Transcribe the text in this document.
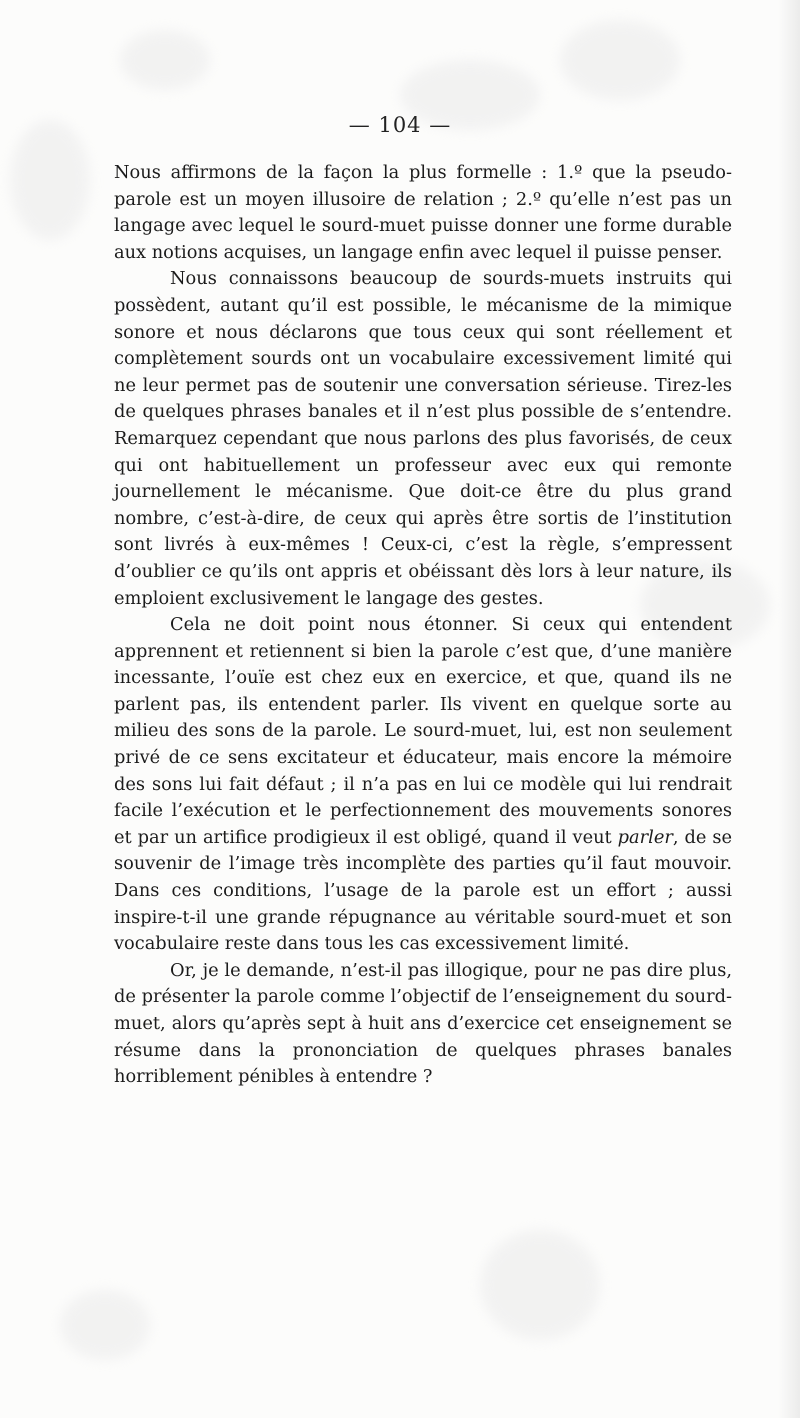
— 104 —

Nous affirmons de la façon la plus formelle : 1.º que la pseudo-parole est un moyen illusoire de relation ; 2.º qu’elle n’est pas un langage avec lequel le sourd-muet puisse donner une forme durable aux notions acquises, un langage enfin avec lequel il puisse penser.

Nous connaissons beaucoup de sourds-muets instruits qui possèdent, autant qu’il est possible, le mécanisme de la mimique sonore et nous déclarons que tous ceux qui sont réellement et complètement sourds ont un vocabulaire excessivement limité qui ne leur permet pas de soutenir une conversation sérieuse. Tirez-les de quelques phrases banales et il n’est plus possible de s’entendre. Remarquez cependant que nous parlons des plus favorisés, de ceux qui ont habituellement un professeur avec eux qui remonte journellement le mécanisme. Que doit-ce être du plus grand nombre, c’est-à-dire, de ceux qui après être sortis de l’institution sont livrés à eux-mêmes ! Ceux-ci, c’est la règle, s’empressent d’oublier ce qu’ils ont appris et obéissant dès lors à leur nature, ils emploient exclusivement le langage des gestes.

Cela ne doit point nous étonner. Si ceux qui entendent apprennent et retiennent si bien la parole c’est que, d’une manière incessante, l’ouïe est chez eux en exercice, et que, quand ils ne parlent pas, ils entendent parler. Ils vivent en quelque sorte au milieu des sons de la parole. Le sourd-muet, lui, est non seulement privé de ce sens excitateur et éducateur, mais encore la mémoire des sons lui fait défaut ; il n’a pas en lui ce modèle qui lui rendrait facile l’exécution et le perfectionnement des mouvements sonores et par un artifice prodigieux il est obligé, quand il veut parler, de se souvenir de l’image très incomplète des parties qu’il faut mouvoir. Dans ces conditions, l’usage de la parole est un effort ; aussi inspire-t-il une grande répugnance au véritable sourd-muet et son vocabulaire reste dans tous les cas excessivement limité.

Or, je le demande, n’est-il pas illogique, pour ne pas dire plus, de présenter la parole comme l’objectif de l’enseignement du sourd-muet, alors qu’après sept à huit ans d’exercice cet enseignement se résume dans la prononciation de quelques phrases banales horriblement pénibles à entendre ?
